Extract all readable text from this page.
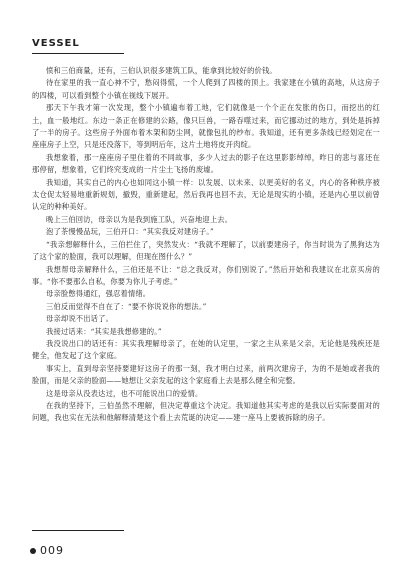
VESSEL

愤和三伯商量，还有，三伯认识很多建筑工队，能拿到比较好的价钱。

待在家里的我一直心神不宁，愁闷得慌，一个人爬到了四楼的顶上。我家建在小镇的高地，从这房子的四楼，可以看到整个小镇在视线下展开。

那天下午我才第一次发现，整个小镇遍布着工地，它们就像是一个个正在发胀的伤口，而挖出的红土，血一般地红。东边一条正在修建的公路，像只巨兽，一路吞噬过来，而它挪动过的地方，到处是拆掉了一半的房子。这些房子外面布着木架和防尘网，就像包扎的纱布。我知道，还有更多条线已经划定在一座座房子上空，只是还没落下，等到明后年，这片土地将皮开肉绽。

我想象着，那一座座房子里住着的不同故事，多少人过去的影子在这里影影绰绰，昨日的悲与喜还在那停留，想象着，它们终究变成的一片尘土飞扬的废墟。

我知道，其实自己的内心也如同这小镇一样：以发展、以未来、以更美好的名义，内心的各种秩序被太仓促太轻易地重新规划，撤毁，重新建起，然后我再也回不去，无论是现实的小镇，还是内心里以前曾认定的种种美好。

晚上三伯回访，母亲以为是我到施工队，兴奋地迎上去。

泡了茶慢慢品玩，三伯开口：“其实我反对建房子。”

“我亲想解释什么，三伯拦住了，突然发火：“我就不理解了，以前要建房子，你当时说为了黑狗达为了这个家的脸面，我可以理解，但现在图什么？”

我想帮母亲解释什么，三伯还是不让：“总之我反对，你们别说了。”然后开始和我建议在北京买房的事。“你不要那么自私，你要为你儿子考虑。”

母亲脸憋得通红，强忍着情绪。

三伯反而觉得不自在了：“要不你说说你的想法。”

母亲却说不出话了。

我接过话来：“其实是我想修建的。”

我没说出口的话还有：其实我理解母亲了，在她的认定里，一家之主从来是父亲，无论他是残疾还是健全，他发起了这个家庭。

事实上，直到母亲坚持要建好这房子的那一刻，我才明白过来，前两次建房子，为的不是她或者我的脸面，而是父亲的脸面——她想让父亲发起的这个家庭看上去是那么健全和完整。

这是母亲从没表达过，也不可能说出口的爱情。

在我的坚持下，三伯虽然不理解，但决定尊重这个决定。我知道他其实考虑的是我以后实际要面对的问题，我也实在无法和他解释清楚这个看上去荒诞的决定——建一座马上要被拆除的房子。

009
